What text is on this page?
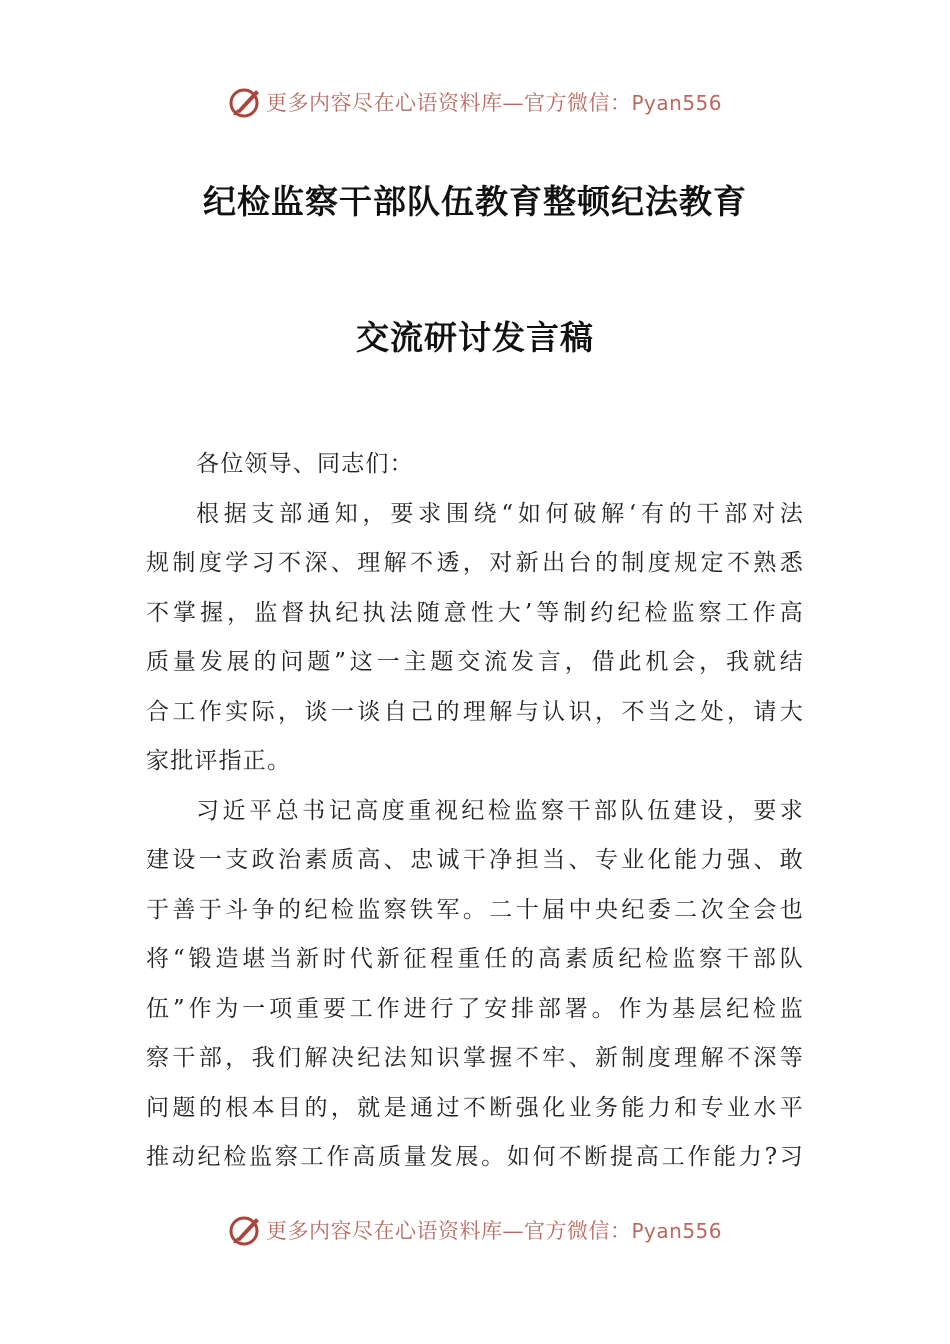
更多内容尽在心语资料库—官方微信：Pyan556
纪检监察干部队伍教育整顿纪法教育
交流研讨发言稿

各位领导、同志们：

根据支部通知，要求围绕“如何破解‘有的干部对法
规制度学习不深、理解不透，对新出台的制度规定不熟悉
不掌握，监督执纪执法随意性大’等制约纪检监察工作高
质量发展的问题”这一主题交流发言，借此机会，我就结
合工作实际，谈一谈自己的理解与认识，不当之处，请大
家批评指正。

习近平总书记高度重视纪检监察干部队伍建设，要求
建设一支政治素质高、忠诚干净担当、专业化能力强、敢
于善于斗争的纪检监察铁军。二十届中央纪委二次全会也
将“锻造堪当新时代新征程重任的高素质纪检监察干部队
伍”作为一项重要工作进行了安排部署。作为基层纪检监
察干部，我们解决纪法知识掌握不牢、新制度理解不深等
问题的根本目的，就是通过不断强化业务能力和专业水平
推动纪检监察工作高质量发展。如何不断提高工作能力?习

更多内容尽在心语资料库—官方微信：Pyan556
